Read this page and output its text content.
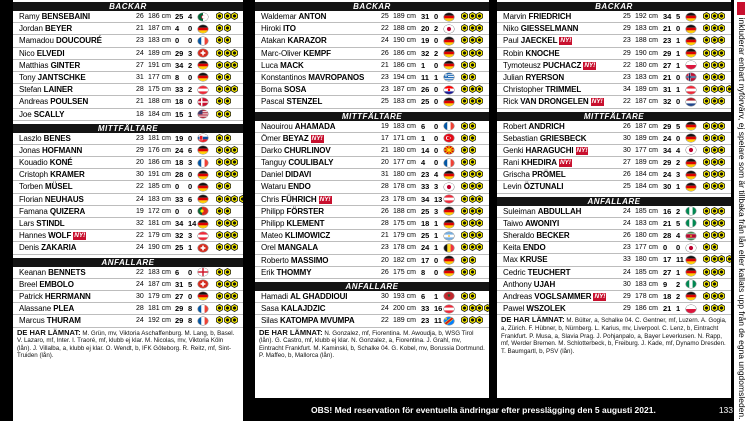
BACKAR
Ramy BENSEBAINI	26 186 cm 25 4
Jordan BEYER	21 187 cm 4 0
Mamadou DOUCOURÉ	23 183 cm 0 0
Nico ELVEDI	24 189 cm 29 3
Matthias GINTER	27 191 cm 34 2
Tony JANTSCHKE	31 177 cm 8 0
Stefan LAINER	28 175 cm 33 2
Andreas POULSEN	21 188 cm 18 0
Joe SCALLY	18 184 cm 15 1
MITTFÄLTARE
Laszlo BENES	23 181 cm 19 0
Jonas HOFMANN	29 176 cm 24 6
Kouadio KONÉ	20 186 cm 18 3
Cristoph KRAMER	30 191 cm 28 0
Torben MÜSEL	22 185 cm 0 0
Florian NEUHAUS	24 183 cm 33 6
Famana QUIZERA	19 172 cm 0 0
Lars STINDL	32 181 cm 34 14
Hannes WOLF NY!	22 179 cm 32 3
Denis ZAKARIA	24 190 cm 25 1
ANFALLARE
Keanan BENNETS	22 183 cm 6 0
Breel EMBOLO	24 187 cm 31 5
Patrick HERRMANN	30 179 cm 27 0
Alassane PLEA	28 181 cm 29 8
Marcus THURAM	24 192 cm 29 8
DE HAR LÄMNAT: M. Grün, mv, Viktoria Aschaffenburg. M. Lang, b, Basel. V. Lazaro, mf, Inter. I. Traoré, mf, klubb ej klar. M. Nicolas, mv, Viktoria Köln (lån). J. Villalba, a, klubb ej klar. O. Wendt, b, IFK Göteborg. R. Reitz, mf, Sint-Truiden (lån).
BACKAR
Waldemar ANTON	25 189 cm 31 0
Hiroki ITO	22 188 cm 20 2
Atakan KARAZOR	24 190 cm 19 0
Marc-Oliver KEMPF	26 186 cm 32 2
Luca MACK	21 186 cm 1 0
Konstantinos MAVROPANOS 23 194 cm 11 1
Borna SOSA	23 187 cm 26 0
Pascal STENZEL	25 183 cm 25 0
MITTFÄLTARE
Naouirou AHAMADA	19 183 cm 6 0
Ömer BEYAZ NY!	17 171 cm 1 0
Darko CHURLINOV	21 180 cm 14 0
Tanguy COULIBALY	20 177 cm 4 0
Daniel DIDAVI	31 180 cm 23 4
Wataru ENDO	28 178 cm 33 3
Chris FÜHRICH NY!	23 178 cm 34 13
Philipp FÖRSTER	26 188 cm 25 3
Philipp KLEMENT	28 175 cm 18 1
Mateo KLIMOWICZ	21 179 cm 25 1
Orel MANGALA	23 178 cm 24 1
Roberto MASSIMO	20 182 cm 17 0
Erik THOMMY	26 175 cm 8 0
ANFALLARE
Hamadi AL GHADDIOUI	30 193 cm 6 1
Sasa KALAJDZIC	24 200 cm 33 16
Silas KATOMPA MVUMPA	22 189 cm 23 11
DE HAR LÄMNAT: N. Gonzalez, mf, Fiorentina. M. Awoudja, b, WSG Tirol (lån). G. Castro, mf, klubb ej klar. N. Gonzalez, a, Fiorentina. J. Grahl, mv, Eintracht Frankfurt. M. Kaminski, b, Schalke 04. G. Kobel, mv, Borussia Dortmund. P. Maffeo, b, Mallorca (lån).
BACKAR
Marvin FRIEDRICH	25 192 cm 34 5
Niko GIESSELMANN	29 183 cm 21 0
Paul JAECKEL NY!	23 188 cm 23 1
Robin KNOCHE	29 190 cm 29 1
Tymoteusz PUCHACZ NY!	22 180 cm 27 1
Julian RYERSON	23 183 cm 21 0
Christopher TRIMMEL	34 189 cm 31 1
Rick VAN DRONGELEN NY!	22 187 cm 32 0
MITTFÄLTARE
Robert ANDRICH	26 187 cm 29 5
Sebastian GRIESBECK	30 189 cm 24 0
Genki HARAGUCHI NY!	30 177 cm 34 4
Rani KHEDIRA NY!	27 189 cm 29 2
Grischa PRÖMEL	26 184 cm 24 3
Levin ÖZTUNALI	25 184 cm 30 1
ANFALLARE
Suleiman ABDULLAH	24 185 cm 16 2
Taiwo AWONIYI	24 183 cm 21 5
Sheraldo BECKER	26 180 cm 28 4
Keita ENDO	23 177 cm 0 0
Max KRUSE	33 180 cm 17 11
Cedric TEUCHERT	24 185 cm 27 1
Anthony UJAH	30 183 cm 9 2
Andreas VOGLSAMMER NY!	29 178 cm 18 2
Pawel WSZOLEK	29 186 cm 21 1
DE HAR LÄMNAT: M. Bülter, a, Schalke 04. C. Gentner, mf, Luzern. A. Gogia, a, Zürich. F. Hübner, b, Nürnberg. L. Karius, mv, Liverpool. C. Lenz, b, Eintracht Frankfurt. P. Musa, a, Slavia Prag. J. Pohjanpalo, a, Bayer Leverkusen. N. Rapp, mf, Werder Bremen. M. Schlotterbeck, b, Freiburg. J. Kade, mf, Dynamo Dresden. T. Baumgartl, b, PSV (lån).
NY! inkluderar enbart nyförvärv, ej spelare som är tillbaka från lån eller kallats upp från de egna ungdomsleden.
OBS! Med reservation för eventuella ändringar efter presslägging den 5 augusti 2021.	133
